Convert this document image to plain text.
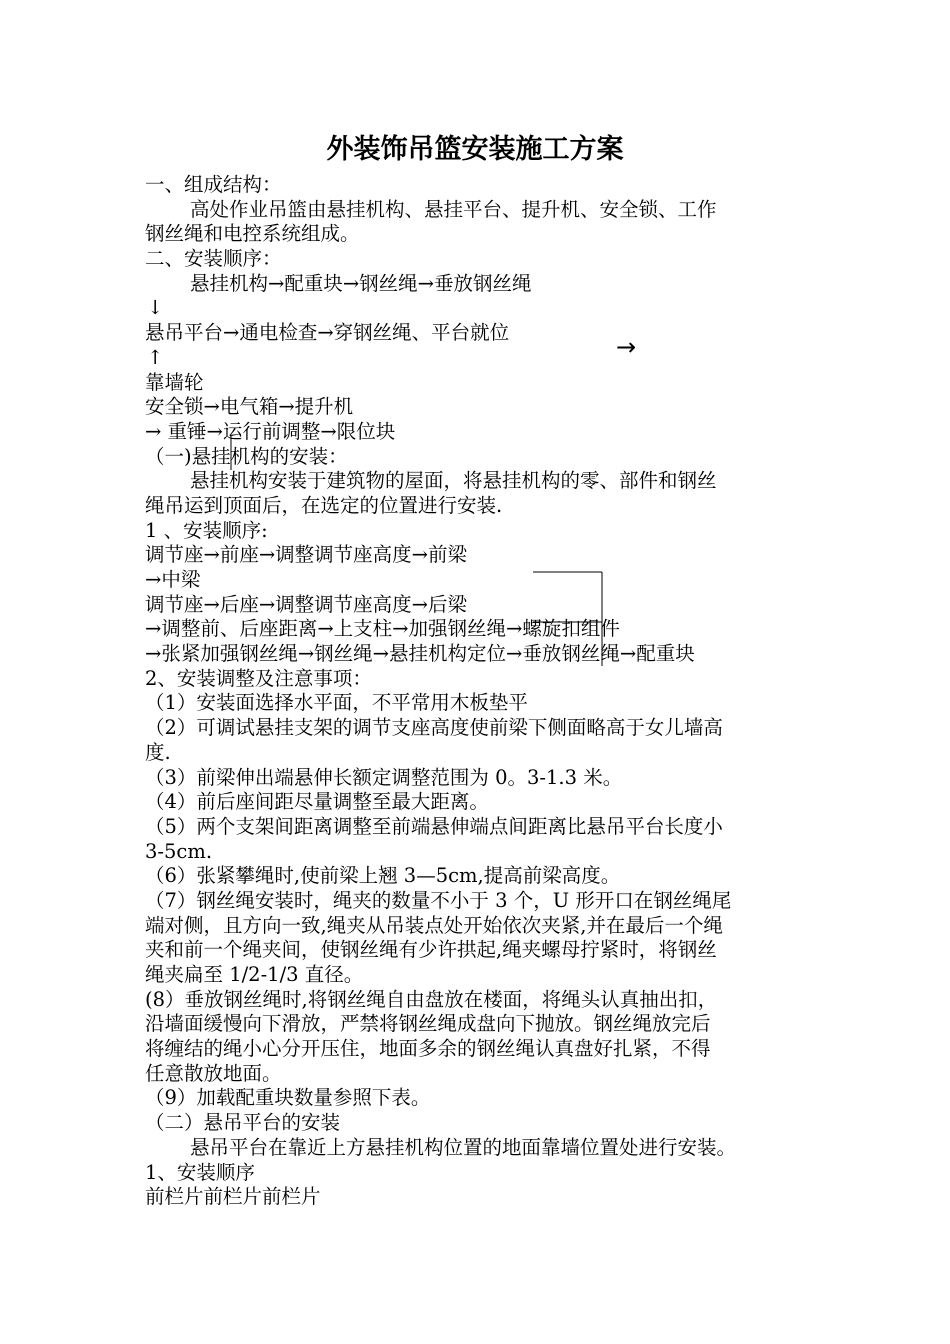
外装饰吊篮安装施工方案
一、组成结构：
高处作业吊篮由悬挂机构、悬挂平台、提升机、安全锁、工作
钢丝绳和电控系统组成。
二、安装顺序：
悬挂机构→配重块→钢丝绳→垂放钢丝绳
↓
悬吊平台→通电检查→穿钢丝绳、平台就位
↑
靠墙轮
安全锁→电气箱→提升机
→ 重锤→运行前调整→限位块
（一)悬挂机构的安装：
悬挂机构安装于建筑物的屋面，将悬挂机构的零、部件和钢丝
绳吊运到顶面后，在选定的位置进行安装.
1 、安装顺序:
调节座→前座→调整调节座高度→前梁
→中梁
调节座→后座→调整调节座高度→后梁
→调整前、后座距离→上支柱→加强钢丝绳→螺旋扣组件
→张紧加强钢丝绳→钢丝绳→悬挂机构定位→垂放钢丝绳→配重块
2、安装调整及注意事项：
（1）安装面选择水平面，不平常用木板垫平
（2）可调试悬挂支架的调节支座高度使前梁下侧面略高于女儿墙高
度.
（3）前梁伸出端悬伸长额定调整范围为 0。3-1.3 米。
（4）前后座间距尽量调整至最大距离。
（5）两个支架间距离调整至前端悬伸端点间距离比悬吊平台长度小
3-5cm.
（6）张紧攀绳时,使前梁上翘 3—5cm,提高前梁高度。
（7）钢丝绳安装时，绳夹的数量不小于 3 个，U 形开口在钢丝绳尾
端对侧，且方向一致,绳夹从吊装点处开始依次夹紧,并在最后一个绳
夹和前一个绳夹间，使钢丝绳有少许拱起,绳夹螺母拧紧时，将钢丝
绳夹扁至 1/2-1/3 直径。
(8）垂放钢丝绳时,将钢丝绳自由盘放在楼面，将绳头认真抽出扣，
沿墙面缓慢向下滑放，严禁将钢丝绳成盘向下抛放。钢丝绳放完后
将缠结的绳小心分开压住，地面多余的钢丝绳认真盘好扎紧，不得
任意散放地面。
（9）加载配重块数量参照下表。
（二）悬吊平台的安装
悬吊平台在靠近上方悬挂机构位置的地面靠墙位置处进行安装。
1、安装顺序
前栏片前栏片前栏片
→
